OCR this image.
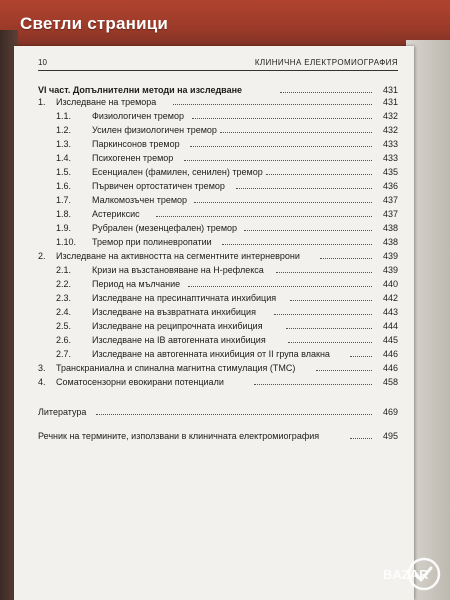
Светли страници
10	КЛИНИЧНА ЕЛЕКТРОМИОГРАФИЯ
VI част. Допълнителни методи на изследване	431
1. Изследване на тремора	431
1.1. Физиологичен тремор	432
1.2. Усилен физиологичен тремор	432
1.3. Паркинсонов тремор	433
1.4. Психогенен тремор	433
1.5. Есенциален (фамилен, сенилен) тремор	435
1.6. Първичен ортостатичен тремор	436
1.7. Малкомозъчен тремор	437
1.8. Астериксис	437
1.9. Рубрален (мезенцефален) тремор	438
1.10. Тремор при полиневропатии	438
2. Изследване на активността на сегментните интерневрони	439
2.1. Кризи на възстановяване на H-рефлекса	439
2.2. Период на мълчание	440
2.3. Изследване на пресинаптичната инхибиция	442
2.4. Изследване на възвратната инхибиция	443
2.5. Изследване на реципрочната инхибиция	444
2.6. Изследване на IB автогенната инхибиция	445
2.7. Изследване на автогенната инхибиция от II група влакна	446
3. Транскраниална и спинална магнитна стимулация (ТМС)	446
4. Соматосензорни евокирани потенциали	458
Литература	469
Речник на термините, използвани в клиничната електромиография	495
BAZAR
